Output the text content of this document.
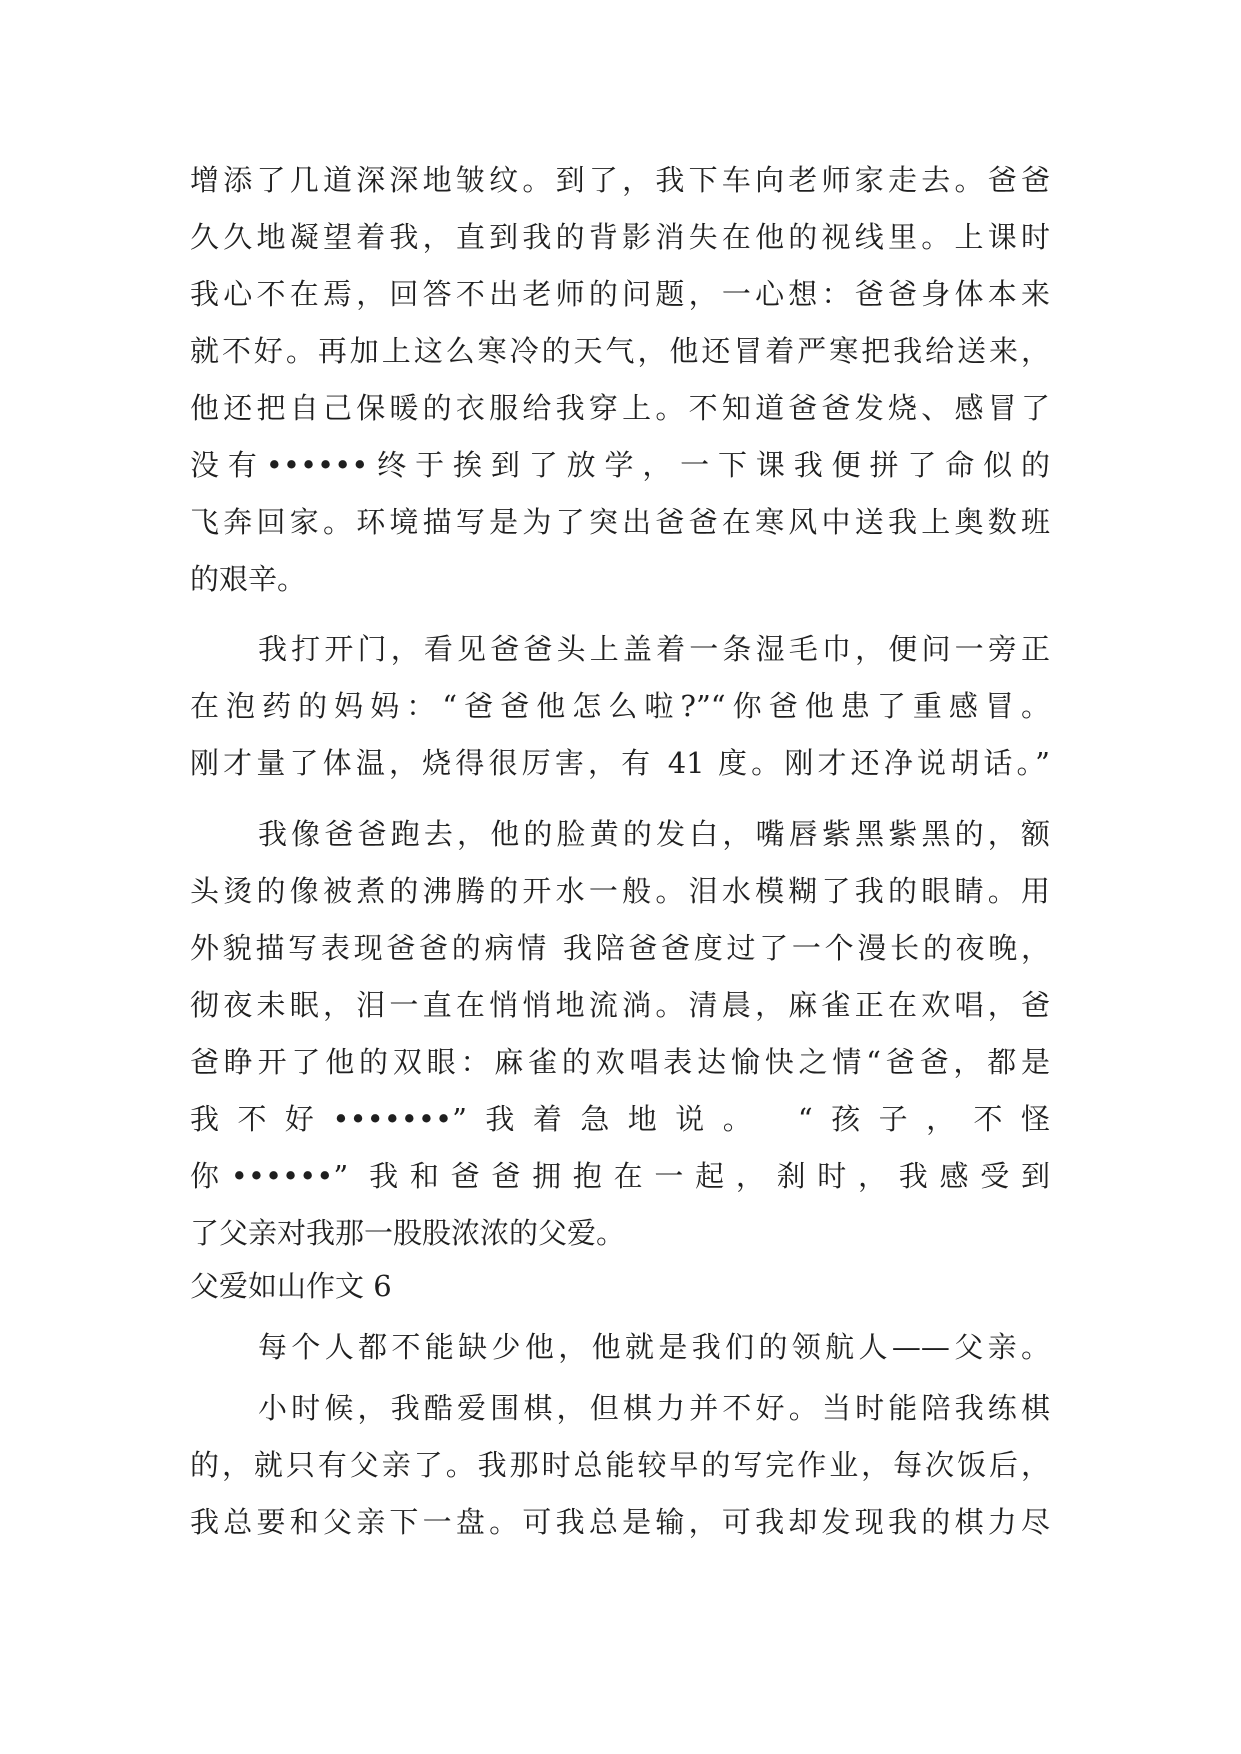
增添了几道深深地皱纹。到了，我下车向老师家走去。爸爸
久久地凝望着我，直到我的背影消失在他的视线里。上课时
我心不在焉，回答不出老师的问题，一心想：爸爸身体本来
就不好。再加上这么寒冷的天气，他还冒着严寒把我给送来，
他还把自己保暖的衣服给我穿上。不知道爸爸发烧、感冒了
没有••••••终于挨到了放学，一下课我便拼了命似的
飞奔回家。环境描写是为了突出爸爸在寒风中送我上奥数班
的艰辛。
我打开门，看见爸爸头上盖着一条湿毛巾，便问一旁正
在泡药的妈妈：“爸爸他怎么啦?”“你爸他患了重感冒。
刚才量了体温，烧得很厉害，有 41 度。刚才还净说胡话。”
我像爸爸跑去，他的脸黄的发白，嘴唇紫黑紫黑的，额
头烫的像被煮的沸腾的开水一般。泪水模糊了我的眼睛。用
外貌描写表现爸爸的病情 我陪爸爸度过了一个漫长的夜晚，
彻夜未眠，泪一直在悄悄地流淌。清晨，麻雀正在欢唱，爸
爸睁开了他的双眼：麻雀的欢唱表达愉快之情“爸爸，都是
我不好•••••••”我着急地说。 “孩子，不怪
你••••••” 我和爸爸拥抱在一起，刹时，我感受到
了父亲对我那一股股浓浓的父爱。
父爱如山作文 6
每个人都不能缺少他，他就是我们的领航人——父亲。
小时候，我酷爱围棋，但棋力并不好。当时能陪我练棋
的，就只有父亲了。我那时总能较早的写完作业，每次饭后，
我总要和父亲下一盘。可我总是输，可我却发现我的棋力尽
